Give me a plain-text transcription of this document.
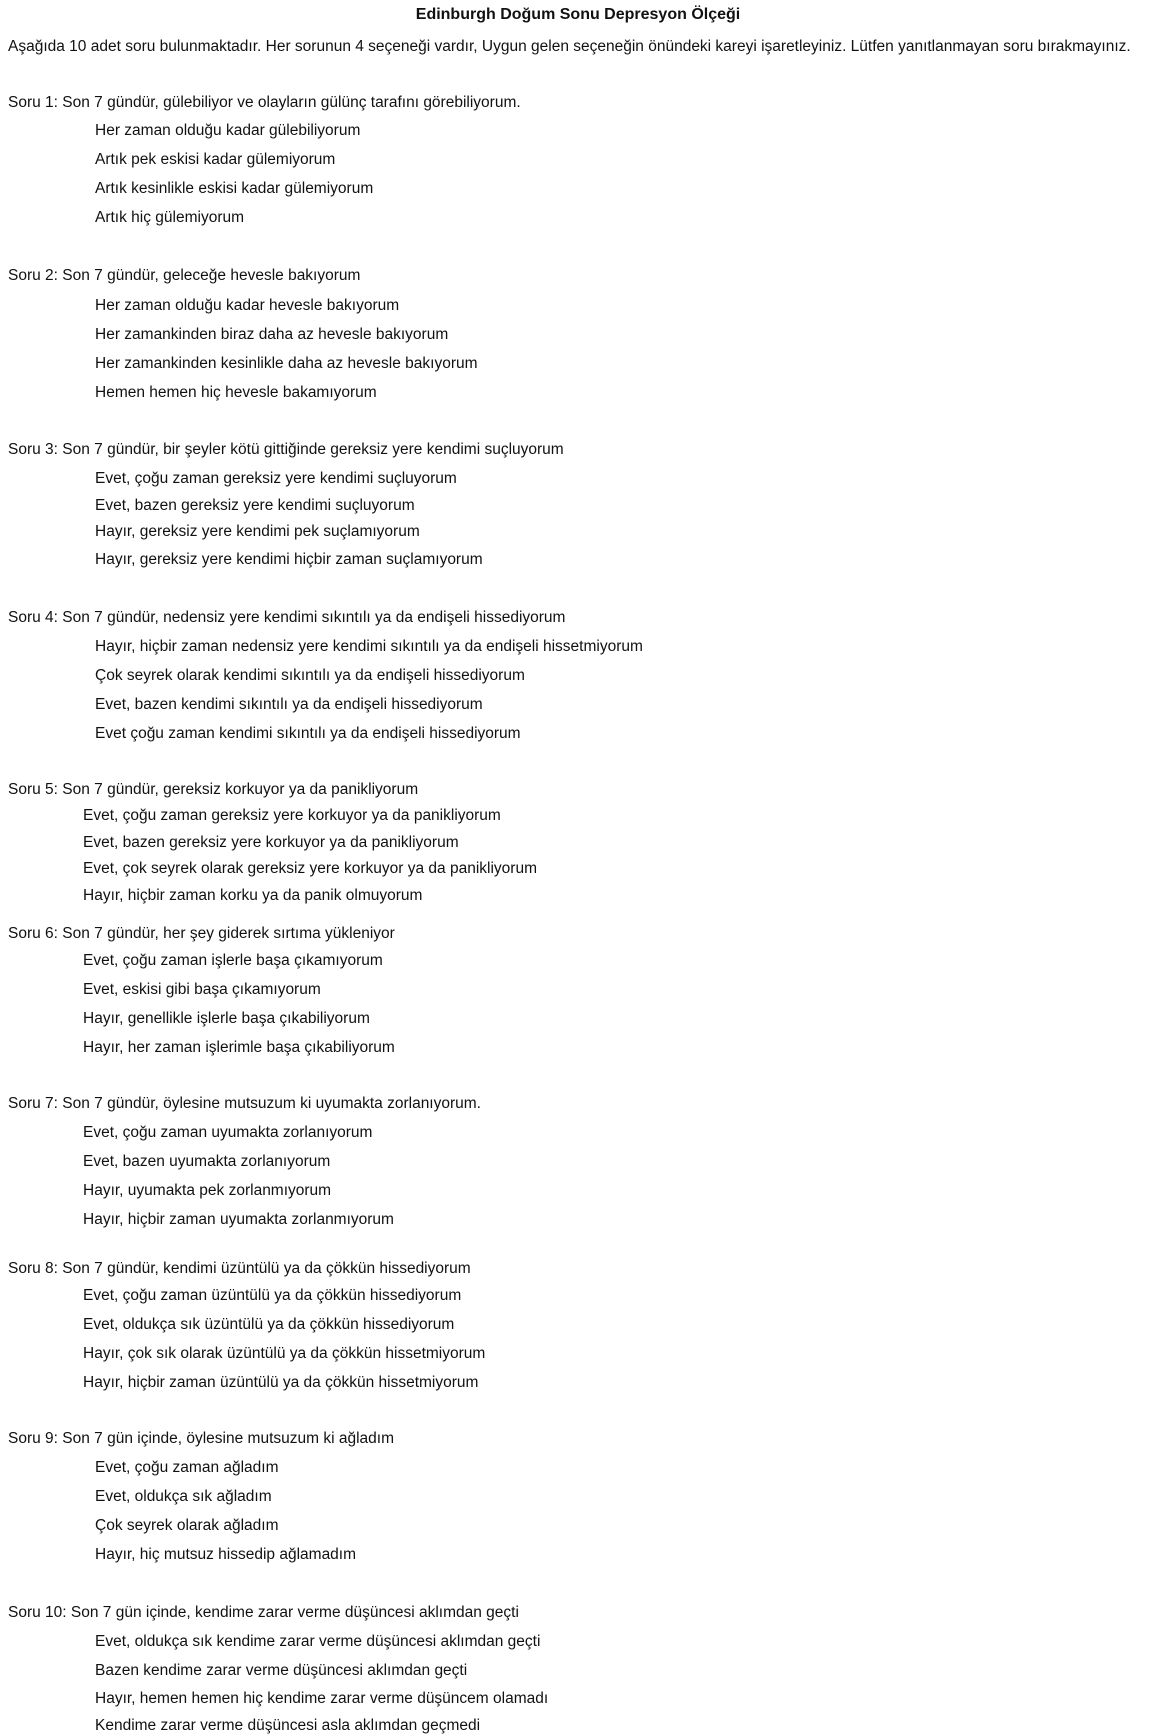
Edinburgh Doğum Sonu Depresyon Ölçeği

Aşağıda 10 adet soru bulunmaktadır. Her sorunun 4 seçeneği vardır, Uygun gelen seçeneğin önündeki kareyi işaretleyiniz. Lütfen yanıtlanmayan soru bırakmayınız.

Soru 1: Son 7 gündür, gülebiliyor ve olayların gülünç tarafını görebiliyorum.

Her zaman olduğu kadar gülebiliyorum

Artık pek eskisi kadar gülemiyorum

Artık kesinlikle eskisi kadar gülemiyorum

Artık hiç gülemiyorum

Soru 2: Son 7 gündür, geleceğe hevesle bakıyorum

Her zaman olduğu kadar hevesle bakıyorum

Her zamankinden biraz daha az hevesle bakıyorum

Her zamankinden kesinlikle daha az hevesle bakıyorum

Hemen hemen hiç hevesle bakamıyorum

Soru 3: Son 7 gündür, bir şeyler kötü gittiğinde gereksiz yere kendimi suçluyorum

Evet, çoğu zaman gereksiz yere kendimi suçluyorum

Evet, bazen gereksiz yere kendimi suçluyorum

Hayır, gereksiz yere kendimi pek suçlamıyorum

Hayır, gereksiz yere kendimi hiçbir zaman suçlamıyorum

Soru 4: Son 7 gündür, nedensiz yere kendimi sıkıntılı ya da endişeli hissediyorum

Hayır, hiçbir zaman nedensiz yere kendimi sıkıntılı ya da endişeli hissetmiyorum

Çok seyrek olarak kendimi sıkıntılı ya da endişeli hissediyorum

Evet, bazen kendimi sıkıntılı ya da endişeli hissediyorum

Evet çoğu zaman kendimi sıkıntılı ya da endişeli hissediyorum

Soru 5: Son 7 gündür, gereksiz korkuyor ya da panikliyorum

Evet, çoğu zaman gereksiz yere korkuyor ya da panikliyorum

Evet, bazen gereksiz yere korkuyor ya da panikliyorum

Evet, çok seyrek olarak gereksiz yere korkuyor ya da panikliyorum

Hayır, hiçbir zaman korku ya da panik olmuyorum

Soru 6: Son 7 gündür, her şey giderek sırtıma yükleniyor

Evet, çoğu zaman işlerle başa çıkamıyorum

Evet, eskisi gibi başa çıkamıyorum

Hayır, genellikle işlerle başa çıkabiliyorum

Hayır, her zaman işlerimle başa çıkabiliyorum

Soru 7: Son 7 gündür, öylesine mutsuzum ki uyumakta zorlanıyorum.

Evet, çoğu zaman uyumakta zorlanıyorum

Evet, bazen uyumakta zorlanıyorum

Hayır, uyumakta pek zorlanmıyorum

Hayır, hiçbir zaman uyumakta zorlanmıyorum

Soru 8: Son 7 gündür, kendimi üzüntülü ya da çökkün hissediyorum

Evet, çoğu zaman üzüntülü ya da çökkün hissediyorum

Evet, oldukça sık üzüntülü ya da çökkün hissediyorum

Hayır, çok sık olarak üzüntülü ya da çökkün hissetmiyorum

Hayır, hiçbir zaman üzüntülü ya da çökkün hissetmiyorum

Soru 9: Son 7 gün içinde, öylesine mutsuzum ki ağladım

Evet, çoğu zaman ağladım

Evet, oldukça sık ağladım

Çok seyrek olarak ağladım

Hayır, hiç mutsuz hissedip ağlamadım

Soru 10: Son 7 gün içinde, kendime zarar verme düşüncesi aklımdan geçti

Evet, oldukça sık kendime zarar verme düşüncesi aklımdan geçti

Bazen kendime zarar verme düşüncesi aklımdan geçti

Hayır, hemen hemen hiç kendime zarar verme düşüncem olamadı

Kendime zarar verme düşüncesi asla aklımdan geçmedi
